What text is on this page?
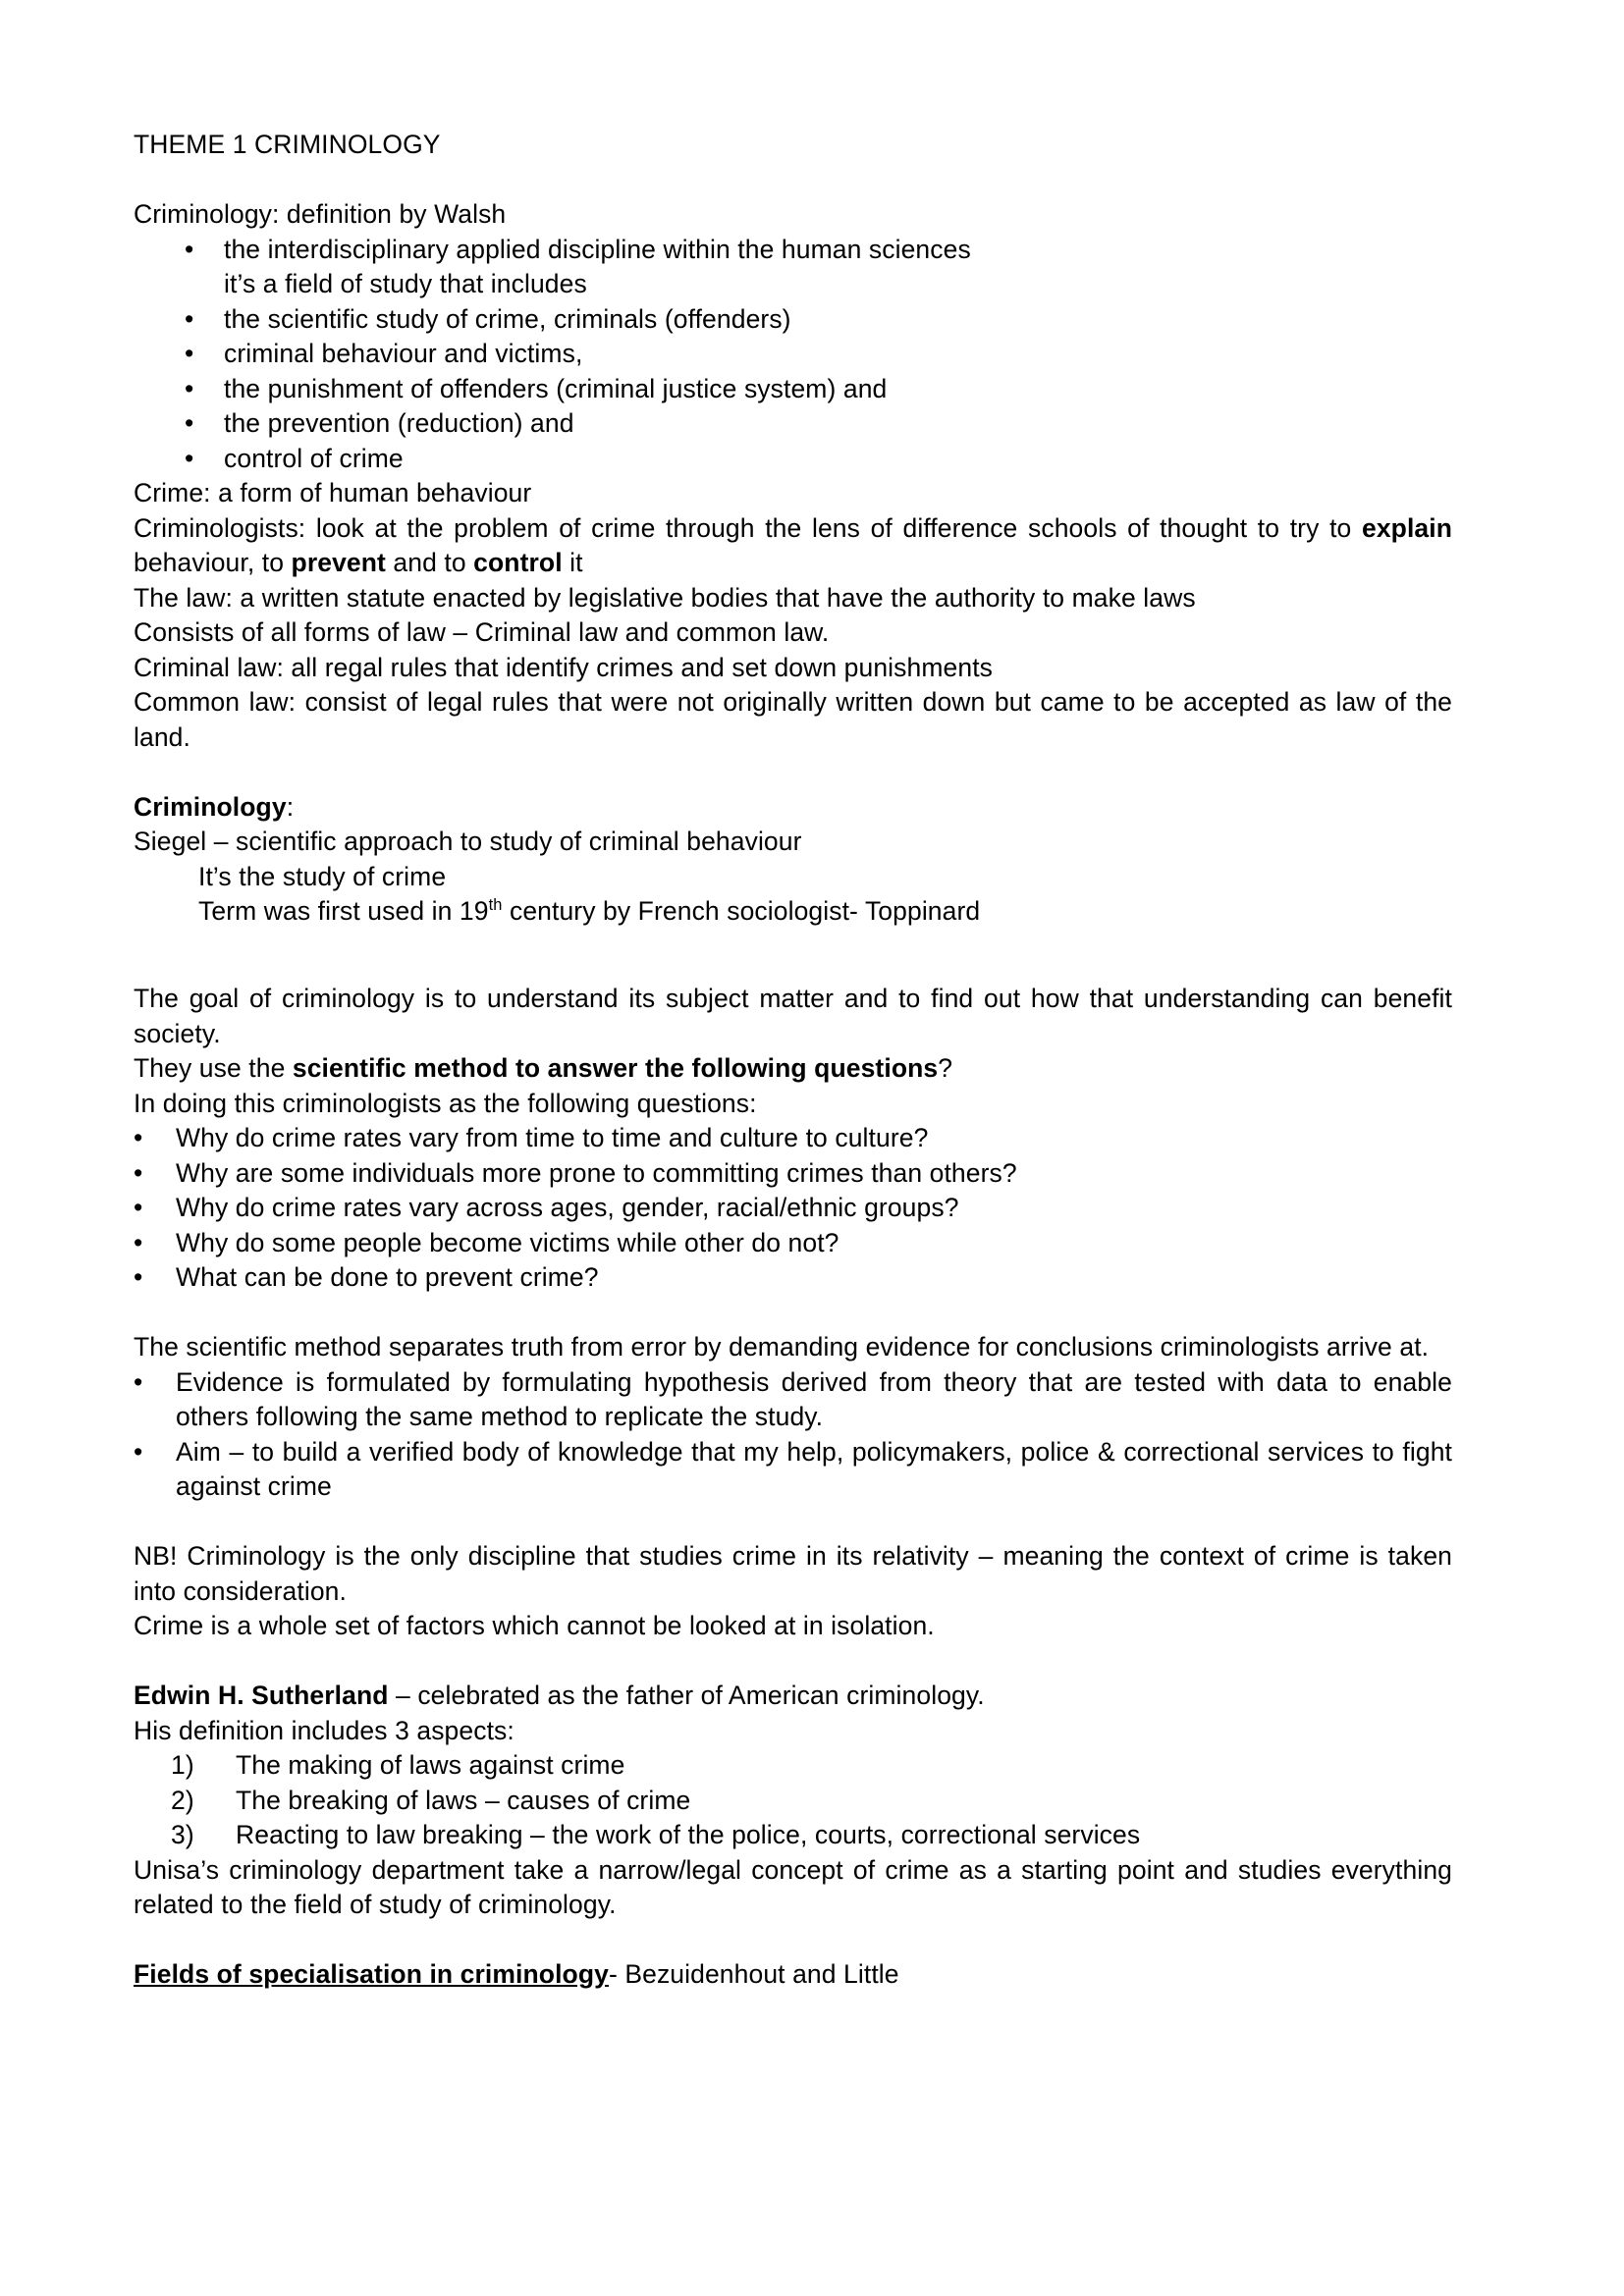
THEME 1 CRIMINOLOGY
Criminology: definition by Walsh
• the interdisciplinary applied discipline within the human sciences
it’s a field of study that includes
• the scientific study of crime, criminals (offenders)
• criminal behaviour and victims,
• the punishment of offenders (criminal justice system) and
• the prevention (reduction) and
• control of crime
Crime: a form of human behaviour
Criminologists: look at the problem of crime through the lens of difference schools of thought to try to explain behaviour, to prevent and to control it
The law: a written statute enacted by legislative bodies that have the authority to make laws
Consists of all forms of law – Criminal law and common law.
Criminal law: all regal rules that identify crimes and set down punishments
Common law: consist of legal rules that were not originally written down but came to be accepted as law of the land.
Criminology:
Siegel – scientific approach to study of criminal behaviour
It’s the study of crime
Term was first used in 19th century by French sociologist- Toppinard
The goal of criminology is to understand its subject matter and to find out how that understanding can benefit society.
They use the scientific method to answer the following questions?
In doing this criminologists as the following questions:
• Why do crime rates vary from time to time and culture to culture?
• Why are some individuals more prone to committing crimes than others?
• Why do crime rates vary across ages, gender, racial/ethnic groups?
• Why do some people become victims while other do not?
• What can be done to prevent crime?
The scientific method separates truth from error by demanding evidence for conclusions criminologists arrive at.
• Evidence is formulated by formulating hypothesis derived from theory that are tested with data to enable others following the same method to replicate the study.
• Aim – to build a verified body of knowledge that my help, policymakers, police & correctional services to fight against crime
NB! Criminology is the only discipline that studies crime in its relativity – meaning the context of crime is taken into consideration.
Crime is a whole set of factors which cannot be looked at in isolation.
Edwin H. Sutherland – celebrated as the father of American criminology.
His definition includes 3 aspects:
1)	The making of laws against crime
2)	The breaking of laws – causes of crime
3)	Reacting to law breaking – the work of the police, courts, correctional services
Unisa’s criminology department take a narrow/legal concept of crime as a starting point and studies everything related to the field of study of criminology.
Fields of specialisation in criminology- Bezuidenhout and Little
